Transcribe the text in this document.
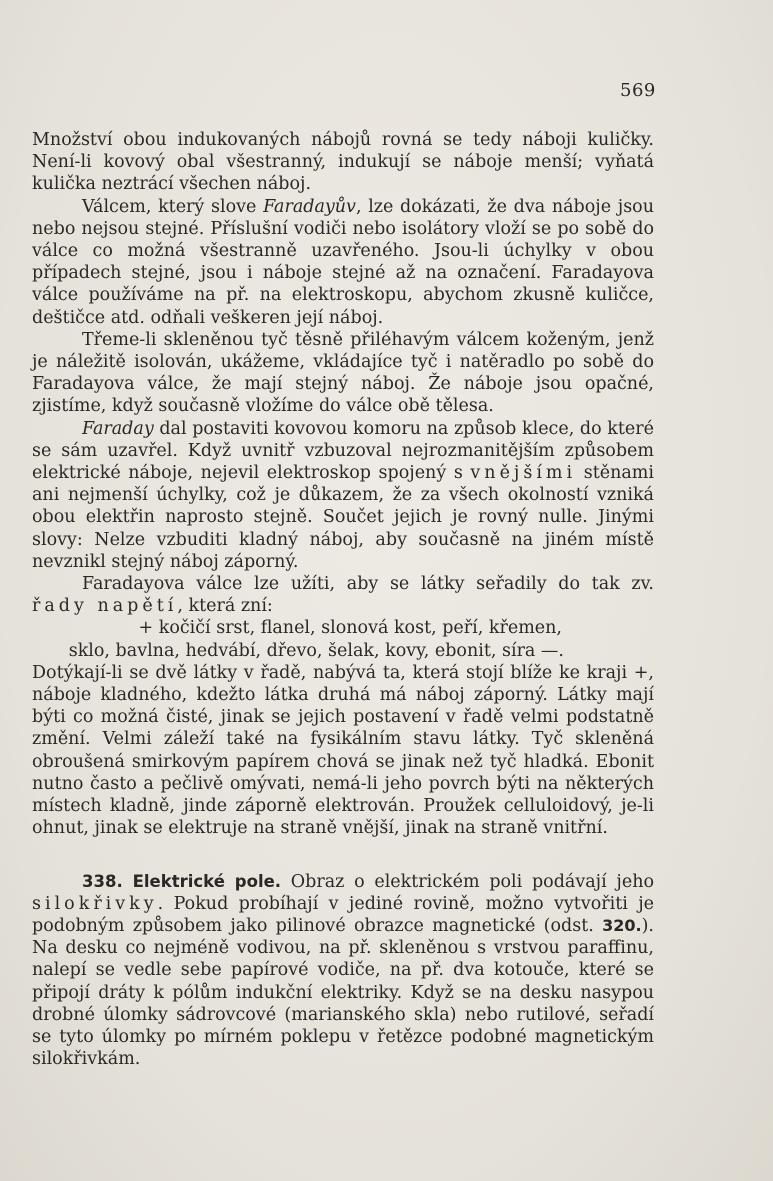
569

Množství obou indukovaných nábojů rovná se tedy náboji kuličky. Není-li kovový obal všestranný, indukují se náboje menší; vyňatá kulička neztrácí všechen náboj.

Válcem, který slove Faradayův, lze dokázati, že dva náboje jsou nebo nejsou stejné. Příslušní vodiči nebo isolátory vloží se po sobě do válce co možná všestranně uzavřeného. Jsou-li úchylky v obou případech stejné, jsou i náboje stejné až na označení. Faradayova válce používáme na př. na elektroskopu, abychom zkusně kuličce, deštičce atd. odňali veškeren její náboj.

Třeme-li skleněnou tyč těsně přiléhavým válcem koženým, jenž je náležitě isolován, ukážeme, vkládajíce tyč i natěradlo po sobě do Faradayova válce, že mají stejný náboj. Že náboje jsou opačné, zjistíme, když současně vložíme do válce obě tělesa.

Faraday dal postaviti kovovou komoru na způsob klece, do které se sám uzavřel. Když uvnitř vzbuzoval nejrozmanitějším způsobem elektrické náboje, nejevil elektroskop spojený s vnějšími stěnami ani nejmenší úchylky, což je důkazem, že za všech okolností vzniká obou elektřin naprosto stejně. Součet jejich je rovný nulle. Jinými slovy: Nelze vzbuditi kladný náboj, aby současně na jiném místě nevznikl stejný náboj záporný.

Faradayova válce lze užíti, aby se látky seřadily do tak zv. řady napětí, která zní:

+ kočičí srst, flanel, slonová kost, peří, křemen,

sklo, bavlna, hedvábí, dřevo, šelak, kovy, ebonit, síra —.

Dotýkají-li se dvě látky v řadě, nabývá ta, která stojí blíže ke kraji +, náboje kladného, kdežto látka druhá má náboj záporný. Látky mají býti co možná čisté, jinak se jejich postavení v řadě velmi podstatně změní. Velmi záleží také na fysikálním stavu látky. Tyč skleněná obroušená smirkovým papírem chová se jinak než tyč hladká. Ebonit nutno často a pečlivě omývati, nemá-li jeho povrch býti na některých místech kladně, jinde záporně elektrován. Proužek celluloidový, je-li ohnut, jinak se elektruje na straně vnější, jinak na straně vnitřní.

338. Elektrické pole. Obraz o elektrickém poli podávají jeho silokřivky. Pokud probíhají v jediné rovině, možno vytvořiti je podobným způsobem jako pilinové obrazce magnetické (odst. 320.). Na desku co nejméně vodivou, na př. skleněnou s vrstvou paraffinu, nalepí se vedle sebe papírové vodiče, na př. dva kotouče, které se připojí dráty k pólům indukční elektriky. Když se na desku nasypou drobné úlomky sádrovcové (marianského skla) nebo rutilové, seřadí se tyto úlomky po mírném poklepu v řetězce podobné magnetickým silokřivkám.
